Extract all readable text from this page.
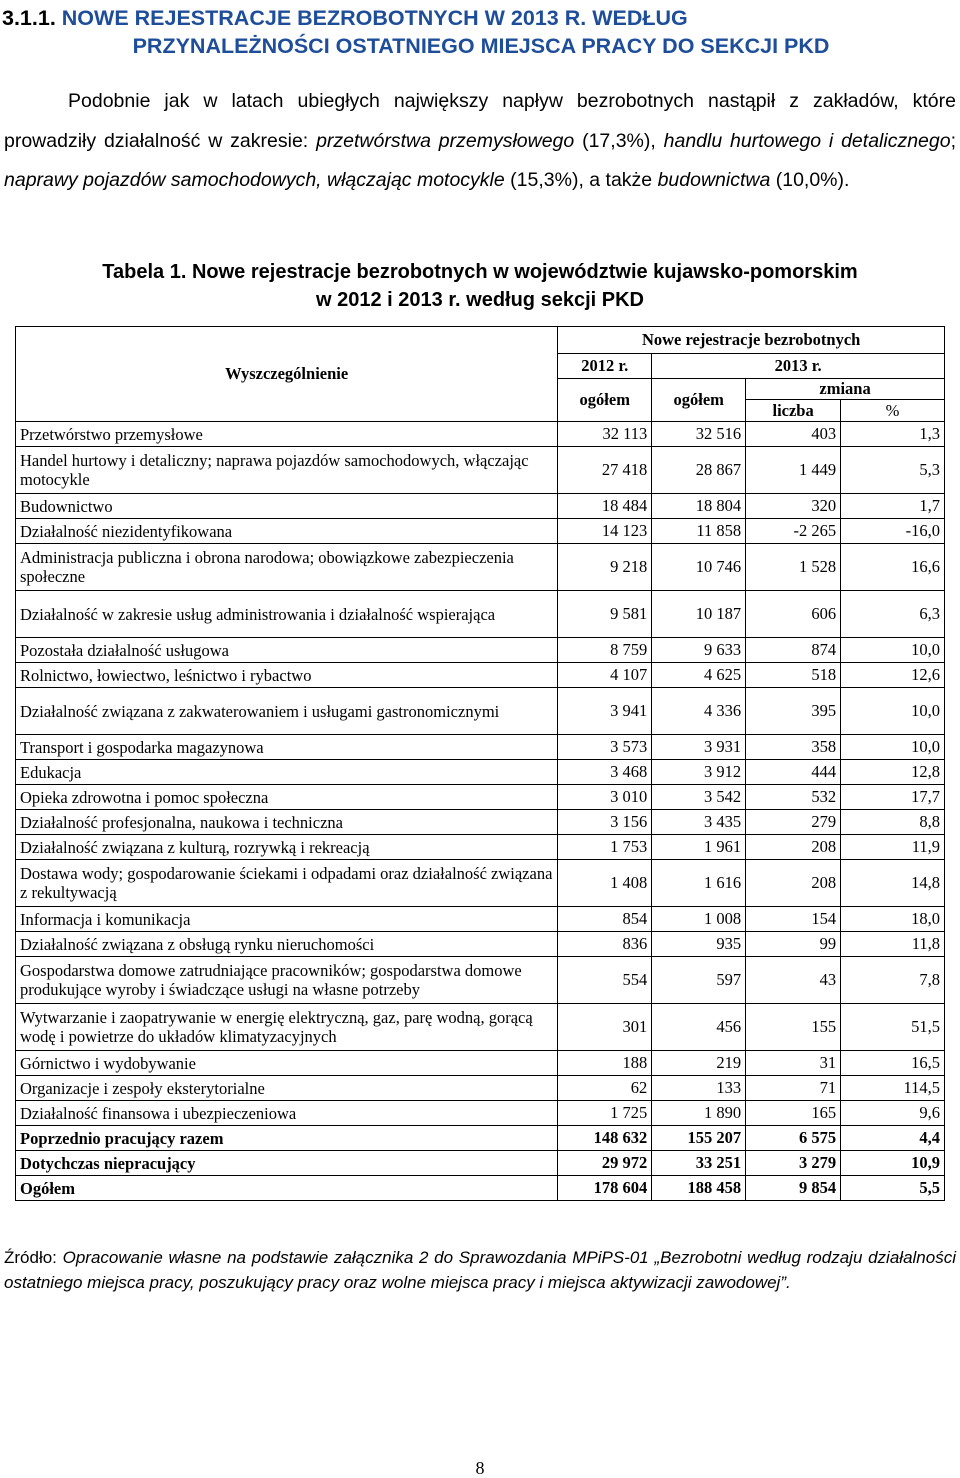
3.1.1. NOWE REJESTRACJE BEZROBOTNYCH W 2013 R. WEDŁUG
PRZYNALEŻNOŚCI OSTATNIEGO MIEJSCA PRACY DO SEKCJI PKD

Podobnie jak w latach ubiegłych największy napływ bezrobotnych nastąpił z zakładów, które prowadziły działalność w zakresie: przetwórstwa przemysłowego (17,3%), handlu hurtowego i detalicznego; naprawy pojazdów samochodowych, włączając motocykle (15,3%), a także budownictwa (10,0%).

Tabela 1. Nowe rejestracje bezrobotnych w województwie kujawsko-pomorskim
w 2012 i 2013 r. według sekcji PKD
Wyszczególnienie	Nowe rejestracje bezrobotnych			
	2012 r.	2013 r.		
	ogółem	ogółem	zmiana	
			liczba	%
Przetwórstwo przemysłowe	32 113	32 516	403	1,3
Handel hurtowy i detaliczny; naprawa pojazdów samochodowych, włączając motocykle	27 418	28 867	1 449	5,3
Budownictwo	18 484	18 804	320	1,7
Działalność niezidentyfikowana	14 123	11 858	-2 265	-16,0
Administracja publiczna i obrona narodowa; obowiązkowe zabezpieczenia społeczne	9 218	10 746	1 528	16,6
Działalność w zakresie usług administrowania i działalność wspierająca	9 581	10 187	606	6,3
Pozostała działalność usługowa	8 759	9 633	874	10,0
Rolnictwo, łowiectwo, leśnictwo i rybactwo	4 107	4 625	518	12,6
Działalność związana z zakwaterowaniem i usługami gastronomicznymi	3 941	4 336	395	10,0
Transport i gospodarka magazynowa	3 573	3 931	358	10,0
Edukacja	3 468	3 912	444	12,8
Opieka zdrowotna i pomoc społeczna	3 010	3 542	532	17,7
Działalność profesjonalna, naukowa i techniczna	3 156	3 435	279	8,8
Działalność związana z kulturą, rozrywką i rekreacją	1 753	1 961	208	11,9
Dostawa wody; gospodarowanie ściekami i odpadami oraz działalność związana z rekultywacją	1 408	1 616	208	14,8
Informacja i komunikacja	854	1 008	154	18,0
Działalność związana z obsługą rynku nieruchomości	836	935	99	11,8
Gospodarstwa domowe zatrudniające pracowników; gospodarstwa domowe produkujące wyroby i świadczące usługi na własne potrzeby	554	597	43	7,8
Wytwarzanie i zaopatrywanie w energię elektryczną, gaz, parę wodną, gorącą wodę i powietrze do układów klimatyzacyjnych	301	456	155	51,5
Górnictwo i wydobywanie	188	219	31	16,5
Organizacje i zespoły eksterytorialne	62	133	71	114,5
Działalność finansowa i ubezpieczeniowa	1 725	1 890	165	9,6
Poprzednio pracujący razem	148 632	155 207	6 575	4,4
Dotychczas niepracujący	29 972	33 251	3 279	10,9
Ogółem	178 604	188 458	9 854	5,5

Źródło: Opracowanie własne na podstawie załącznika 2 do Sprawozdania MPiPS-01 „Bezrobotni według rodzaju działalności ostatniego miejsca pracy, poszukujący pracy oraz wolne miejsca pracy i miejsca aktywizacji zawodowej”.

8
